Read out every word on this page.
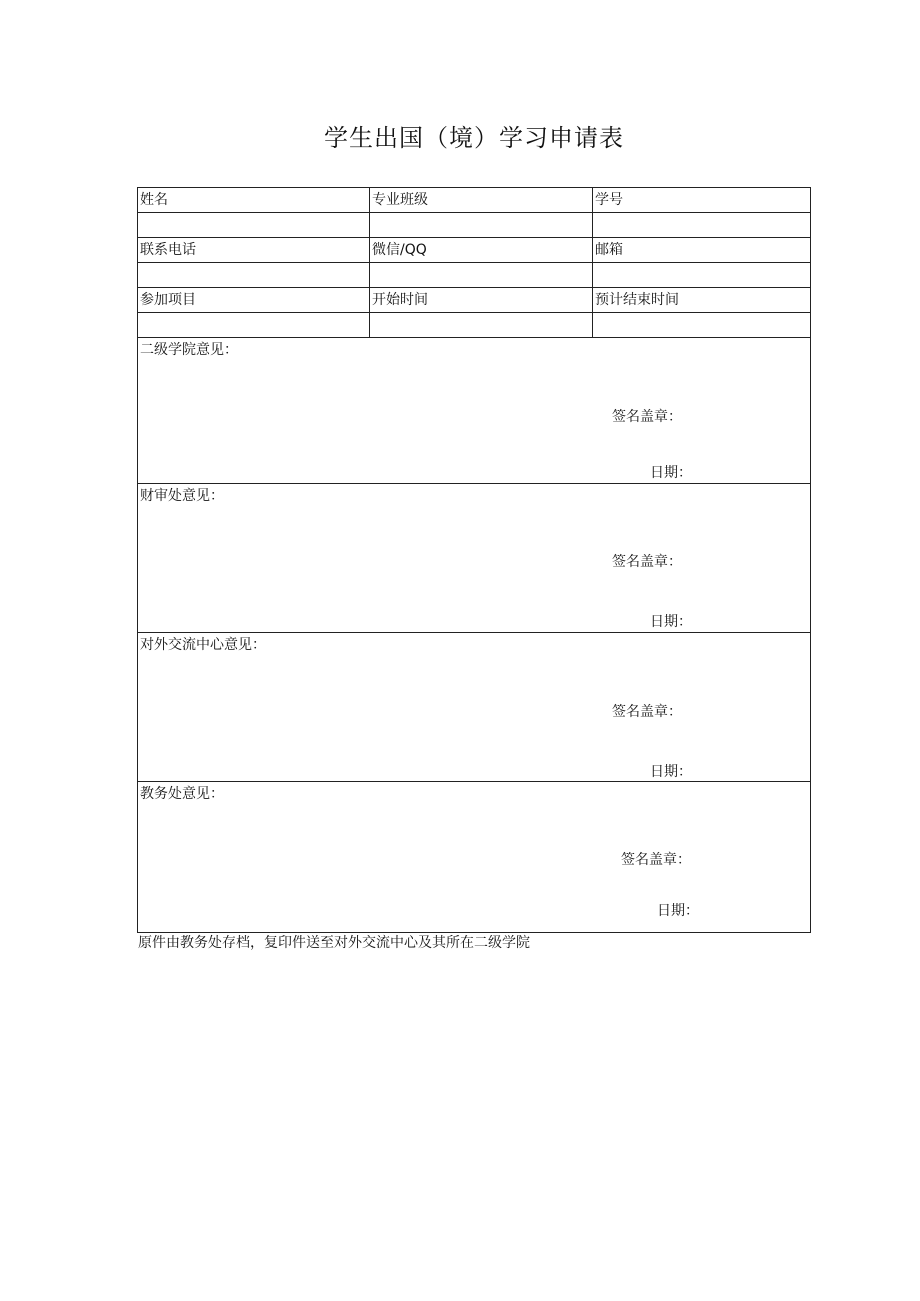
学生出国（境）学习申请表
姓名	专业班级	学号

联系电话	微信/QQ	邮箱

参加项目	开始时间	预计结束时间

二级学院意见：
签名盖章：
日期：		

财审处意见：
签名盖章：
日期：		

对外交流中心意见：
签名盖章：
日期：		

教务处意见：
签名盖章：
日期：		
原件由教务处存档，复印件送至对外交流中心及其所在二级学院
